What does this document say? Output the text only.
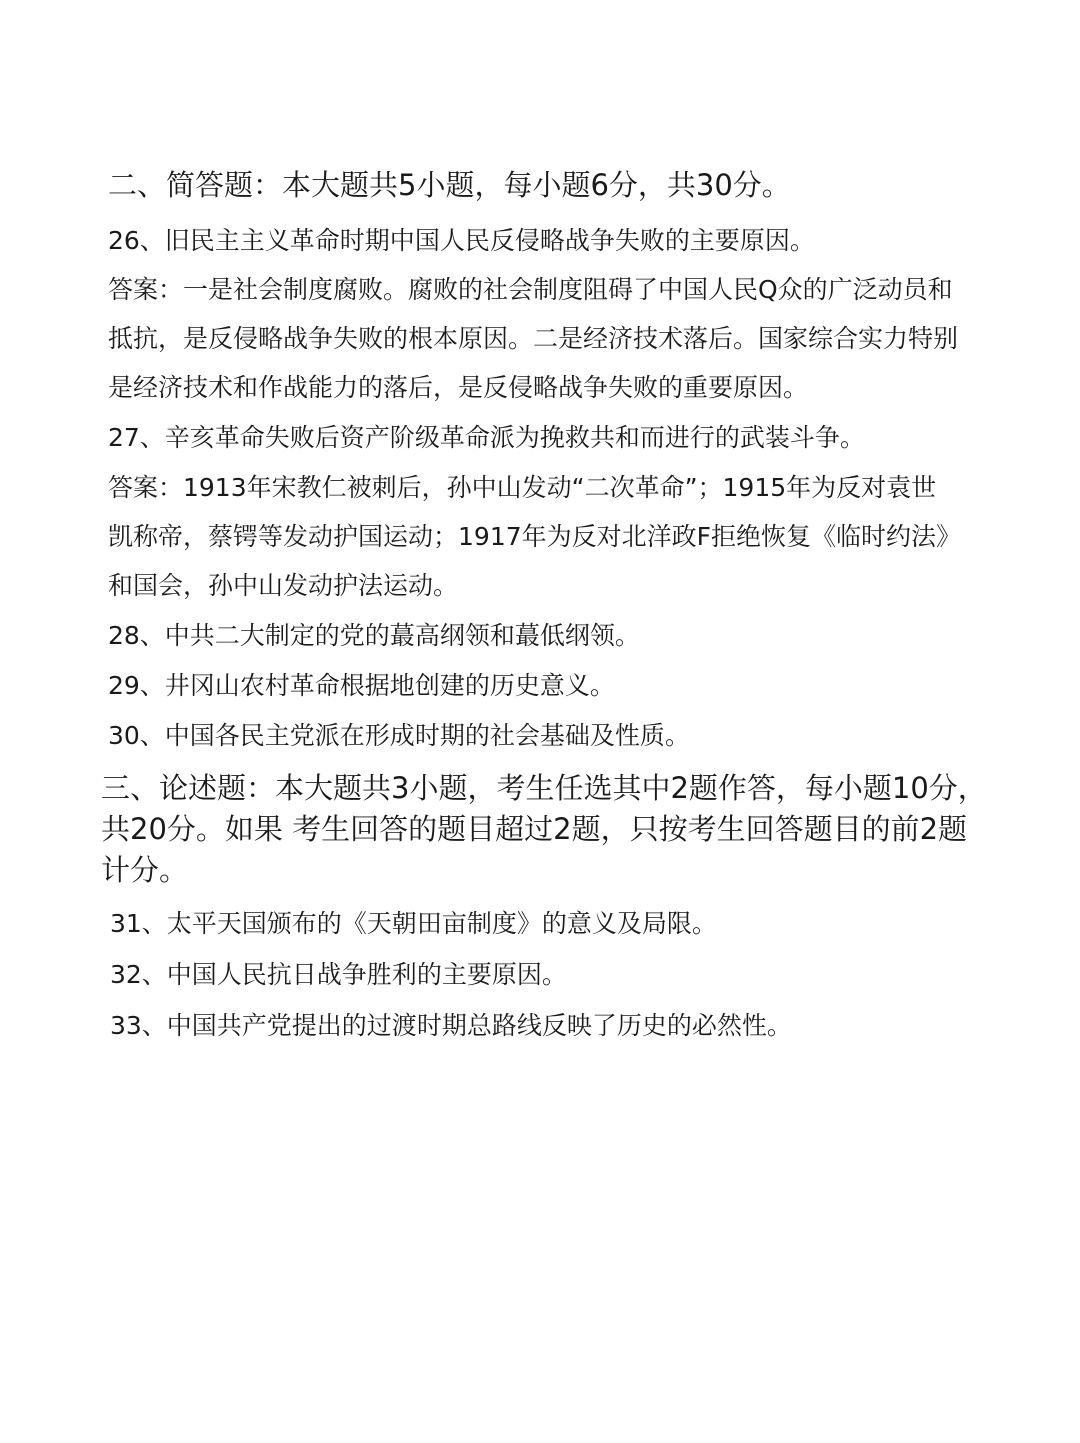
二、简答题：本大题共5小题，每小题6分，共30分。

26、旧民主主义革命时期中国人民反侵略战争失败的主要原因。

答案：一是社会制度腐败。腐败的社会制度阻碍了中国人民Q众的广泛动员和

抵抗，是反侵略战争失败的根本原因。二是经济技术落后。国家综合实力特别

是经济技术和作战能力的落后，是反侵略战争失败的重要原因。

27、辛亥革命失败后资产阶级革命派为挽救共和而进行的武装斗争。

答案：1913年宋教仁被刺后，孙中山发动“二次革命”；1915年为反对袁世

凯称帝，蔡锷等发动护国运动；1917年为反对北洋政F拒绝恢复《临时约法》

和国会，孙中山发动护法运动。

28、中共二大制定的党的蕞高纲领和蕞低纲领。

29、井冈山农村革命根据地创建的历史意义。

30、中国各民主党派在形成时期的社会基础及性质。

三、论述题：本大题共3小题，考生任选其中2题作答，每小题10分，

共20分。如果 考生回答的题目超过2题，只按考生回答题目的前2题

计分。

31、太平天国颁布的《天朝田亩制度》的意义及局限。

32、中国人民抗日战争胜利的主要原因。

33、中国共产党提出的过渡时期总路线反映了历史的必然性。
